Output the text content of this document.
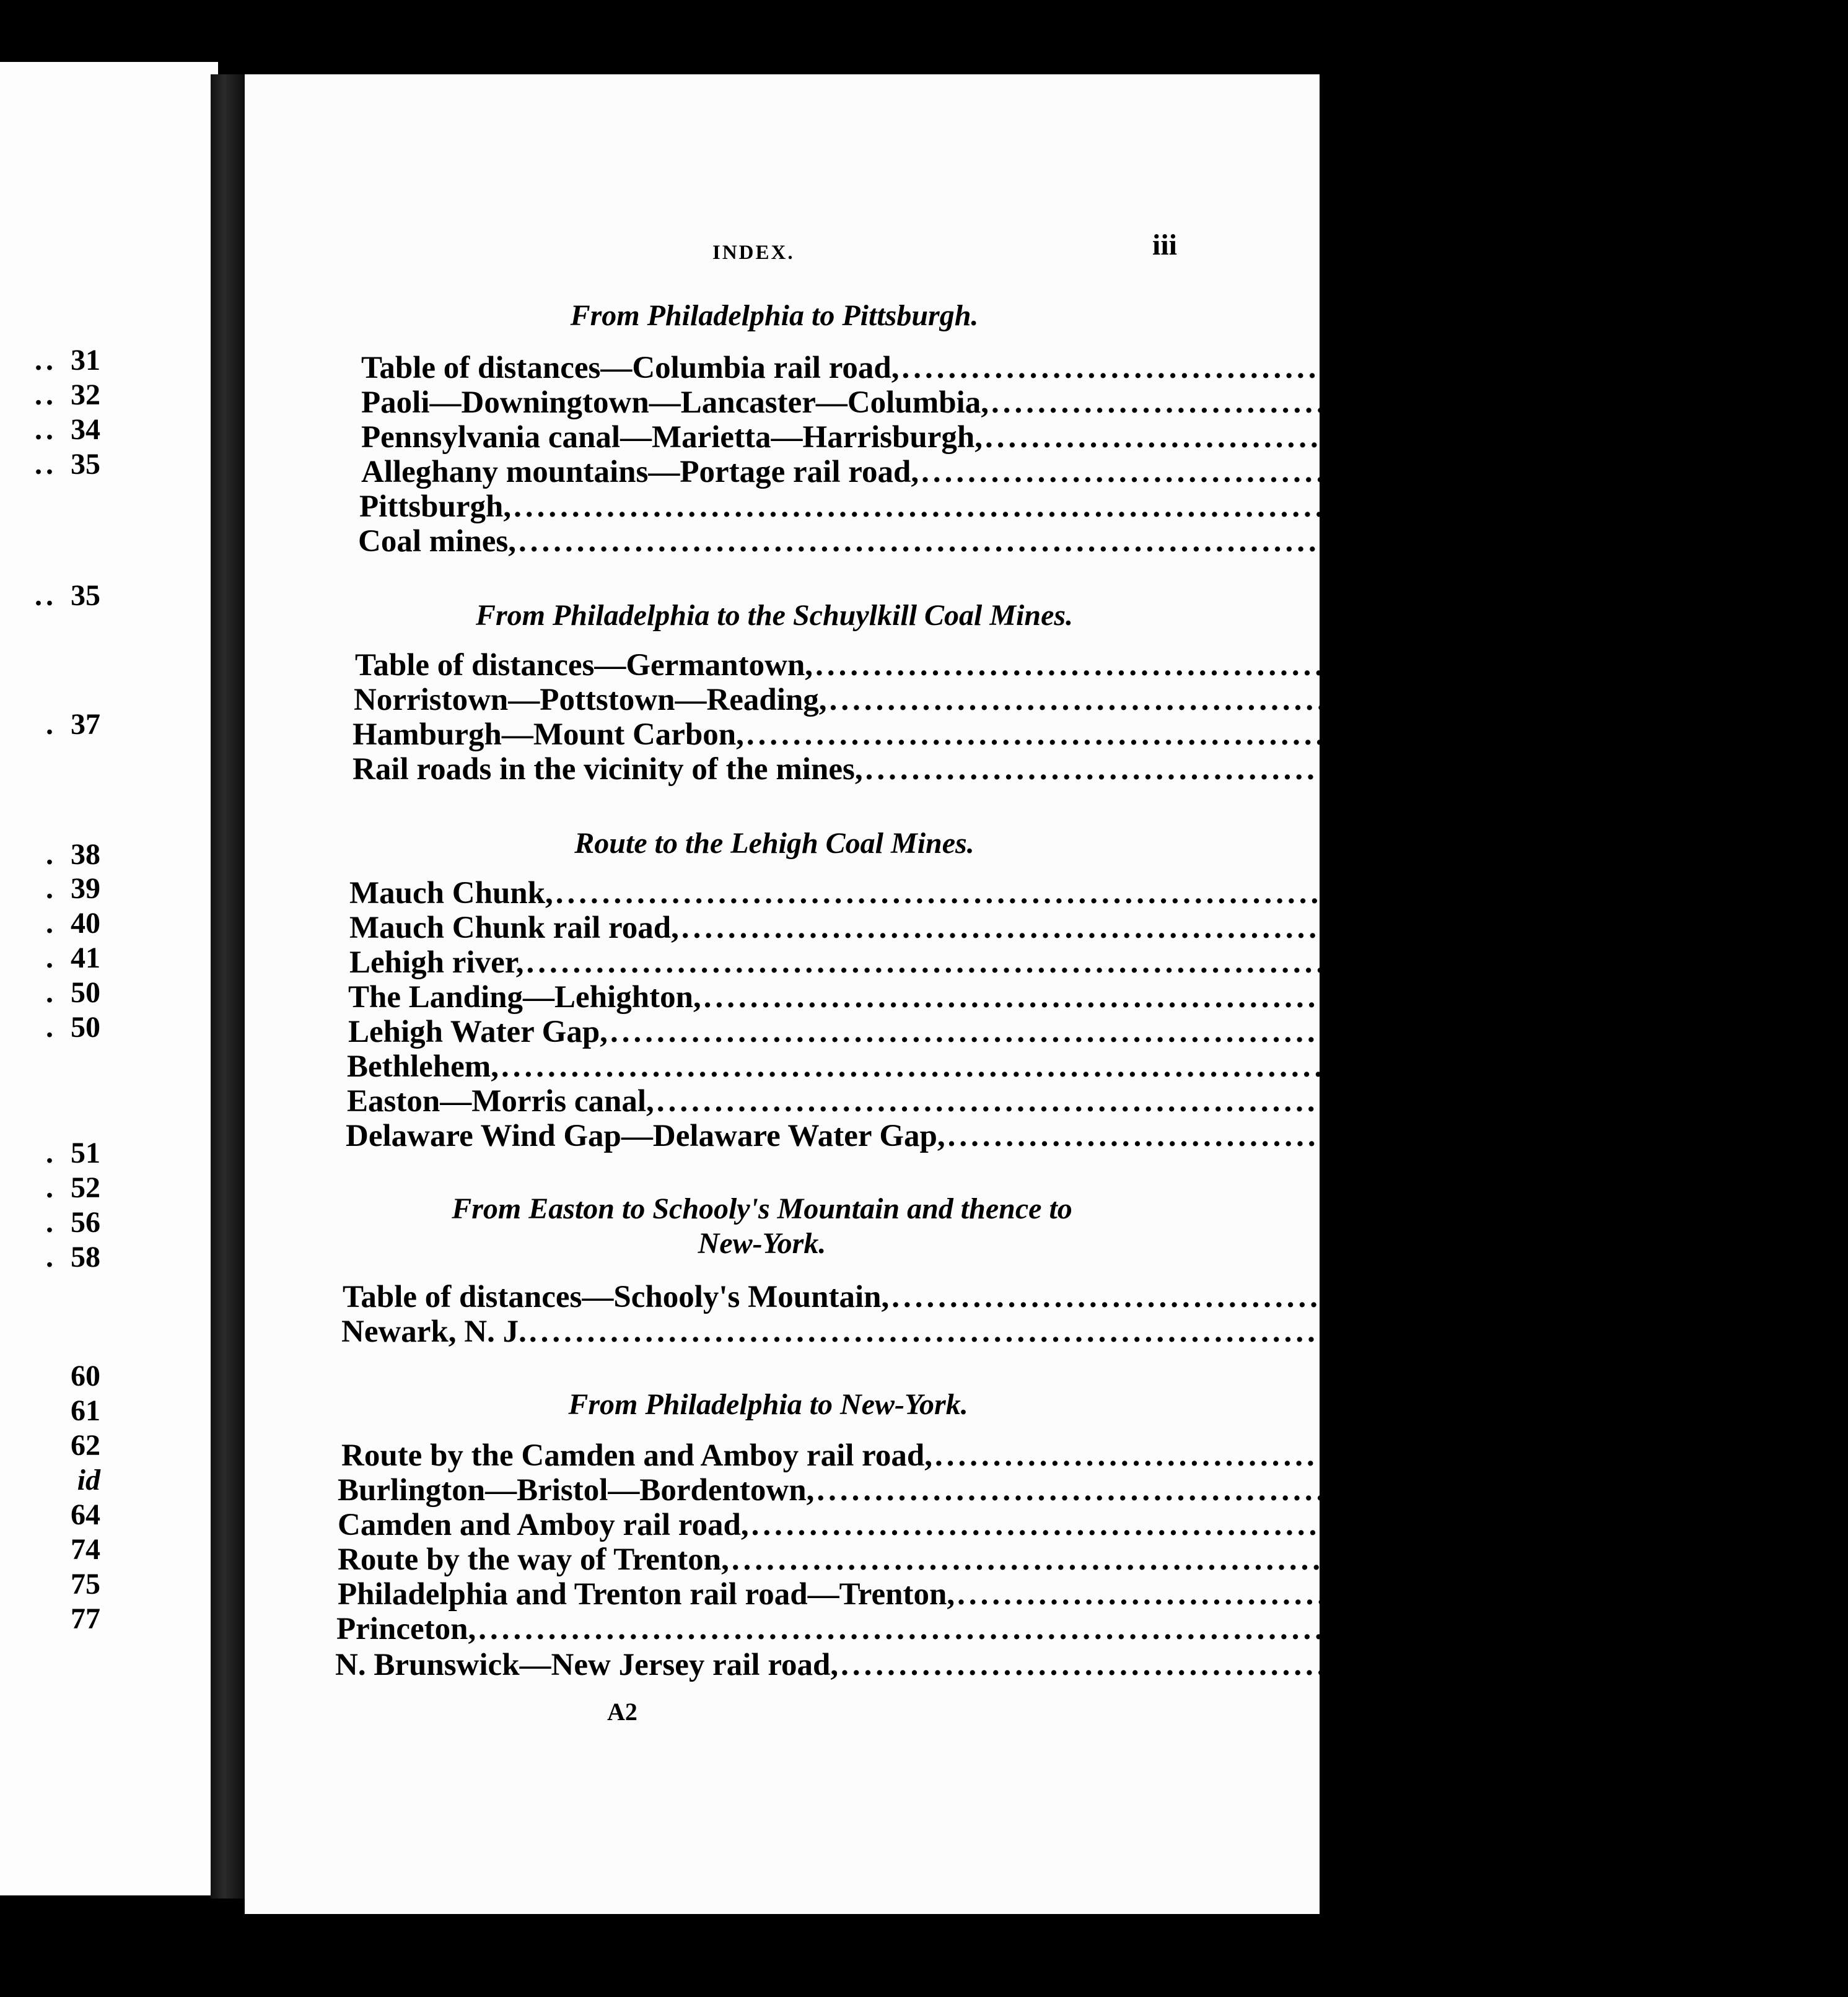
.. 31
.. 32
.. 34
.. 35
.. 35
. 37
. 38
. 39
. 40
. 41
. 50
. 50
. 51
. 52
. 56
. 58
60
61
62
id
64
74
75
77
INDEX.	iii
From Philadelphia to Pittsburgh.
Table of distances—Columbia rail road, ...................................... 79
Paoli—Downingtown—Lancaster—Columbia, ...................................... 82
Pennsylvania canal—Marietta—Harrisburgh, ...................................... 83
Alleghany mountains—Portage rail road, ...................................... 85
Pittsburgh, ......................................................................... 86
Coal mines, ......................................................................... 87
From Philadelphia to the Schuylkill Coal Mines.
Table of distances—Germantown, ...................................................... 92
Norristown—Pottstown—Reading, ...................................................... id
Hamburgh—Mount Carbon, ...................................................... 93
Rail roads in the vicinity of the mines, ...................................................... 94
Route to the Lehigh Coal Mines.
Mauch Chunk, ......................................................................... 96
Mauch Chunk rail road, ......................................................................... 97
Lehigh river, ......................................................................... 98
The Landing—Lehighton, ......................................................................... 99
Lehigh Water Gap, ......................................................................... id
Bethlehem, ......................................................................... 100
Easton—Morris canal, ......................................................................... 101
Delaware Wind Gap—Delaware Water Gap, ......................................................................... 102
From Easton to Schooly's Mountain and thence to
New-York.
Table of distances—Schooly's Mountain, ......................................................................... 103
Newark, N. J. ......................................................................... id
From Philadelphia to New-York.
Route by the Camden and Amboy rail road, ......................................................................... 104
Burlington—Bristol—Bordentown, ......................................................................... id
Camden and Amboy rail road, ......................................................................... 105
Route by the way of Trenton, ......................................................................... 107
Philadelphia and Trenton rail road—Trenton, ......................................................................... id
Princeton, ......................................................................... 108
N. Brunswick—New Jersey rail road, ......................................................................... 109
A2
